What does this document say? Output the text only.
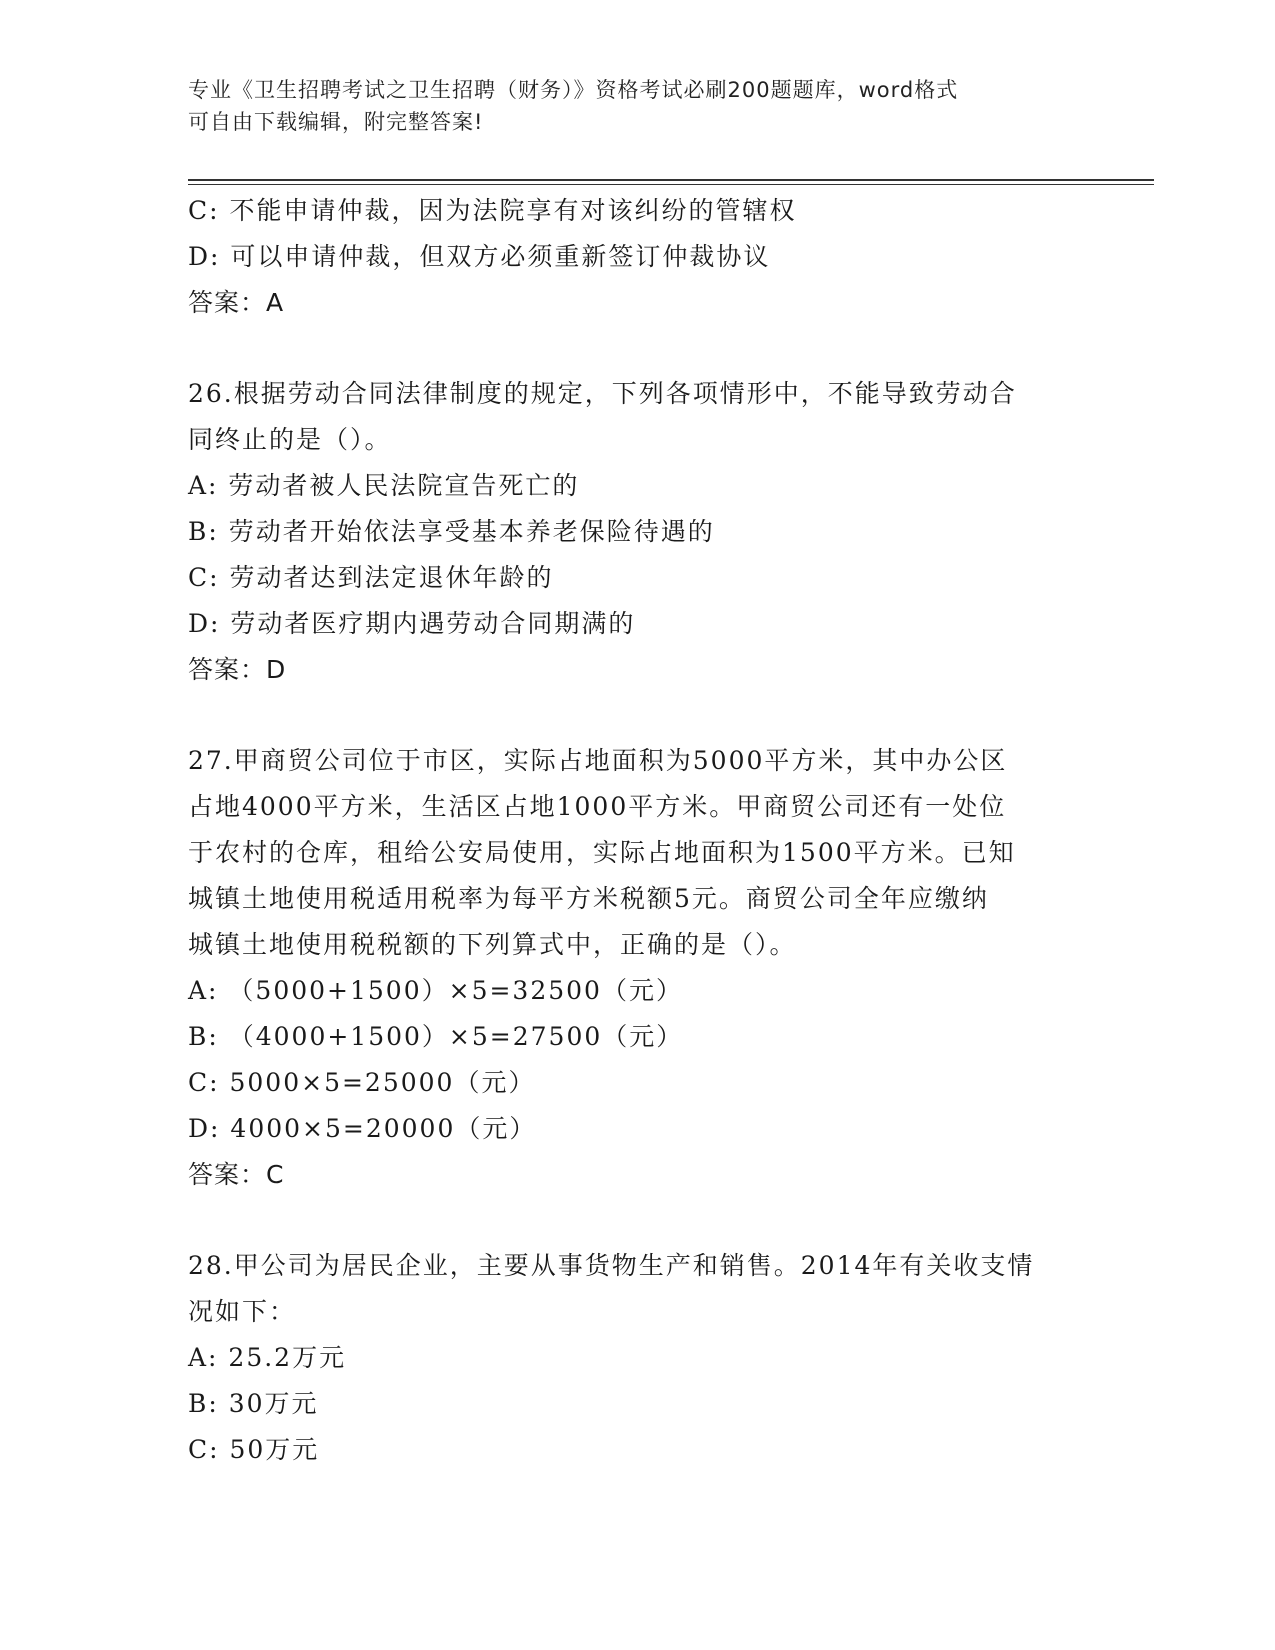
专业《卫生招聘考试之卫生招聘（财务）》资格考试必刷200题题库，word格式
可自由下载编辑，附完整答案!
C: 不能申请仲裁，因为法院享有对该纠纷的管辖权
D: 可以申请仲裁，但双方必须重新签订仲裁协议
答案：A
26.根据劳动合同法律制度的规定，下列各项情形中，不能导致劳动合
同终止的是（）。
A: 劳动者被人民法院宣告死亡的
B: 劳动者开始依法享受基本养老保险待遇的
C: 劳动者达到法定退休年龄的
D: 劳动者医疗期内遇劳动合同期满的
答案：D
27.甲商贸公司位于市区，实际占地面积为5000平方米，其中办公区
占地4000平方米，生活区占地1000平方米。甲商贸公司还有一处位
于农村的仓库，租给公安局使用，实际占地面积为1500平方米。已知
城镇土地使用税适用税率为每平方米税额5元。商贸公司全年应缴纳
城镇土地使用税税额的下列算式中，正确的是（）。
A: （5000+1500）×5=32500（元）
B: （4000+1500）×5=27500（元）
C: 5000×5=25000（元）
D: 4000×5=20000（元）
答案：C
28.甲公司为居民企业，主要从事货物生产和销售。2014年有关收支情
况如下：
A: 25.2万元
B: 30万元
C: 50万元
